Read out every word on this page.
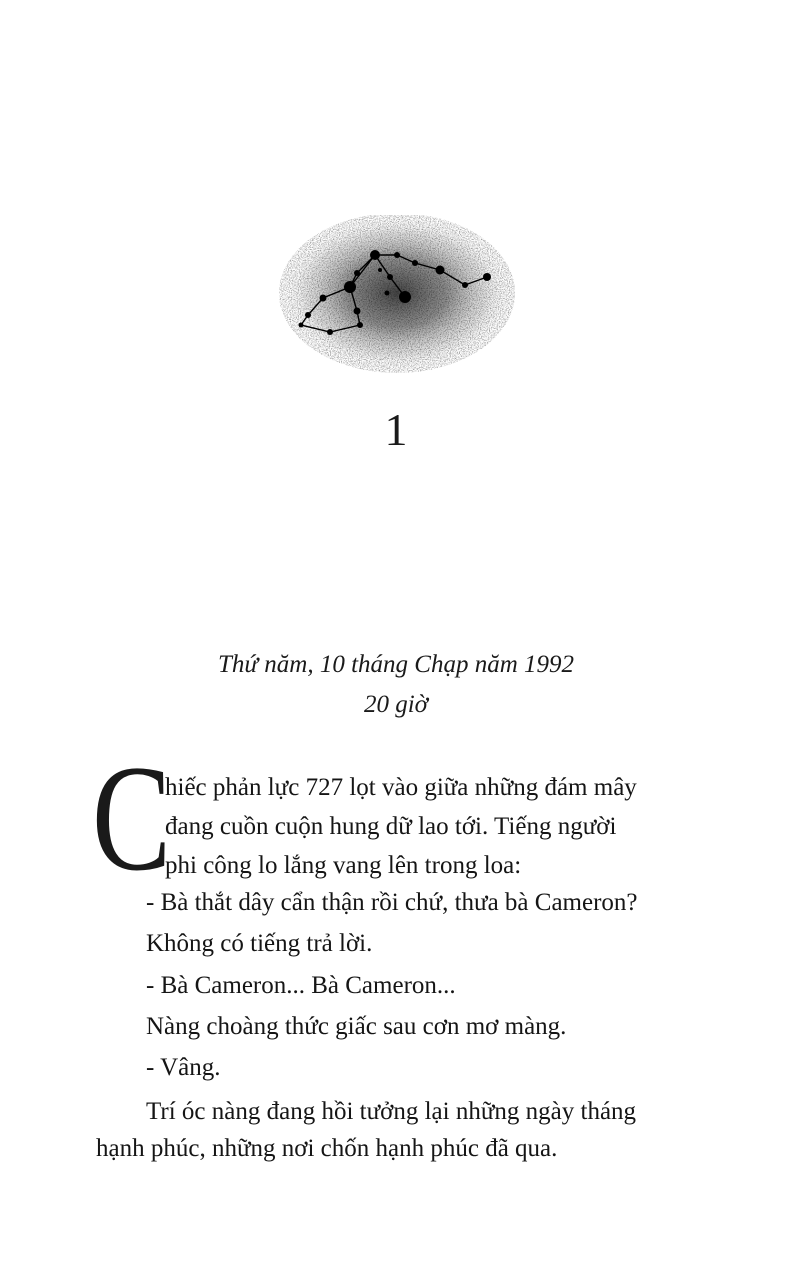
1
Thứ năm, 10 tháng Chạp năm 1992
20 giờ
C
hiếc phản lực 727 lọt vào giữa những đám mây
đang cuồn cuộn hung dữ lao tới. Tiếng người
phi công lo lắng vang lên trong loa:
- Bà thắt dây cẩn thận rồi chứ, thưa bà Cameron?
Không có tiếng trả lời.
- Bà Cameron... Bà Cameron...
Nàng choàng thức giấc sau cơn mơ màng.
- Vâng.
Trí óc nàng đang hồi tưởng lại những ngày tháng
hạnh phúc, những nơi chốn hạnh phúc đã qua.
